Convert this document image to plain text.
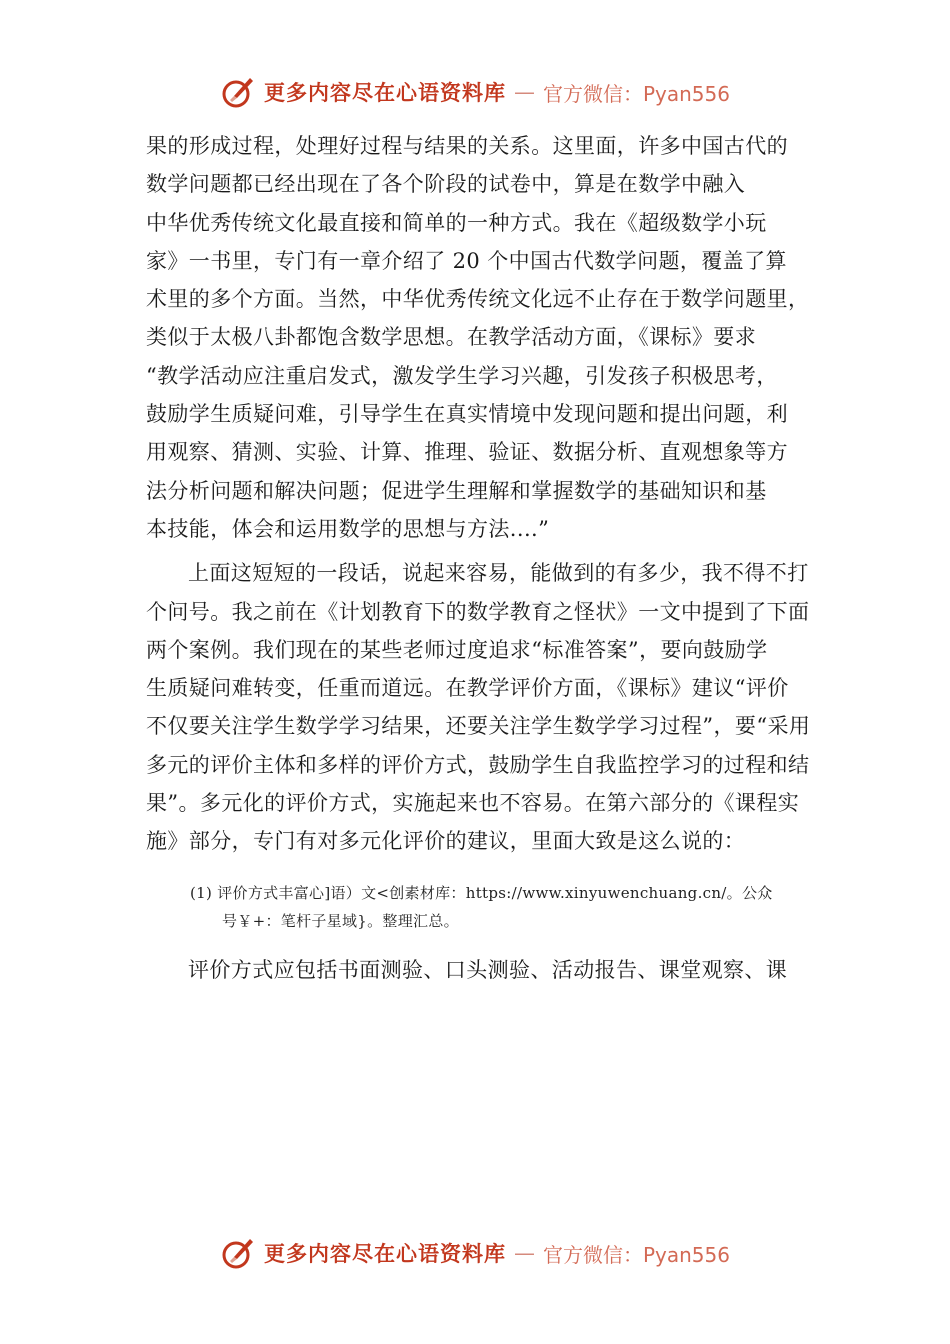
更多内容尽在心语资料库 — 官方微信：Pyan556
果的形成过程，处理好过程与结果的关系。这里面，许多中国古代的
数学问题都已经出现在了各个阶段的试卷中，算是在数学中融入
中华优秀传统文化最直接和简单的一种方式。我在《超级数学小玩
家》一书里，专门有一章介绍了 20 个中国古代数学问题，覆盖了算
术里的多个方面。当然，中华优秀传统文化远不止存在于数学问题里，
类似于太极八卦都饱含数学思想。在教学活动方面，《课标》要求
“教学活动应注重启发式，激发学生学习兴趣，引发孩子积极思考，
鼓励学生质疑问难，引导学生在真实情境中发现问题和提出问题，利
用观察、猜测、实验、计算、推理、验证、数据分析、直观想象等方
法分析问题和解决问题；促进学生理解和掌握数学的基础知识和基
本技能，体会和运用数学的思想与方法....”
上面这短短的一段话，说起来容易，能做到的有多少，我不得不打
个问号。我之前在《计划教育下的数学教育之怪状》一文中提到了下面
两个案例。我们现在的某些老师过度追求“标准答案”，要向鼓励学
生质疑问难转变，任重而道远。在教学评价方面，《课标》建议“评价
不仅要关注学生数学学习结果，还要关注学生数学学习过程”，要“采用
多元的评价主体和多样的评价方式，鼓励学生自我监控学习的过程和结
果”。多元化的评价方式，实施起来也不容易。在第六部分的《课程实
施》部分，专门有对多元化评价的建议，里面大致是这么说的：
(1) 评价方式丰富心]语）文<创素材库：https://www.xinyuwenchuang.cn/。公众
号￥+：笔杆子星域}。整理汇总。
评价方式应包括书面测验、口头测验、活动报告、课堂观察、课
更多内容尽在心语资料库 — 官方微信：Pyan556
